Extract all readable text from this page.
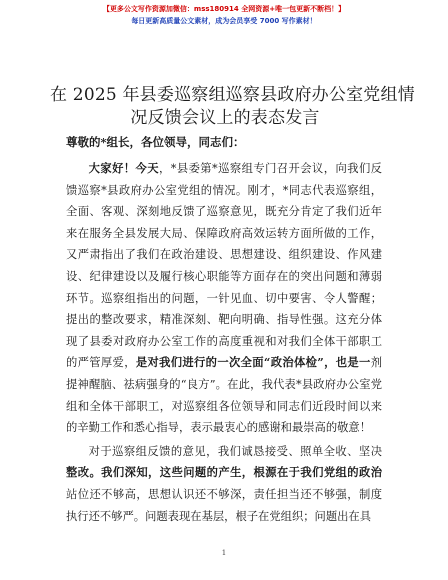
【更多公文写作资源加微信：mss180914 全网资源+唯一包更新不断档！】
每日更新高质量公文素材，成为会员享受 7000 写作素材！
在 2025 年县委巡察组巡察县政府办公室党组情
况反馈会议上的表态发言
尊敬的*组长，各位领导，同志们：

大家好！今天，*县委第*巡察组专门召开会议，向我们反馈巡察*县政府办公室党组的情况。刚才，*同志代表巡察组，全面、客观、深刻地反馈了巡察意见，既充分肯定了我们近年来在服务全县发展大局、保障政府高效运转方面所做的工作，又严肃指出了我们在政治建设、思想建设、组织建设、作风建设、纪律建设以及履行核心职能等方面存在的突出问题和薄弱环节。巡察组指出的问题，一针见血、切中要害、令人警醒；提出的整改要求，精准深刻、靶向明确、指导性强。这充分体现了县委对政府办公室工作的高度重视和对我们全体干部职工的严管厚爱，是对我们进行的一次全面“政治体检”，也是一剂提神醒脑、祛病强身的“良方”。在此，我代表*县政府办公室党组和全体干部职工，对巡察组各位领导和同志们近段时间以来的辛勤工作和悉心指导，表示最衷心的感谢和最崇高的敬意！

对于巡察组反馈的意见，我们诚恳接受、照单全收、坚决整改。我们深知，这些问题的产生，根源在于我们党组的政治站位还不够高，思想认识还不够深，责任担当还不够强，制度执行还不够严。问题表现在基层，根子在党组织；问题出在具

1
